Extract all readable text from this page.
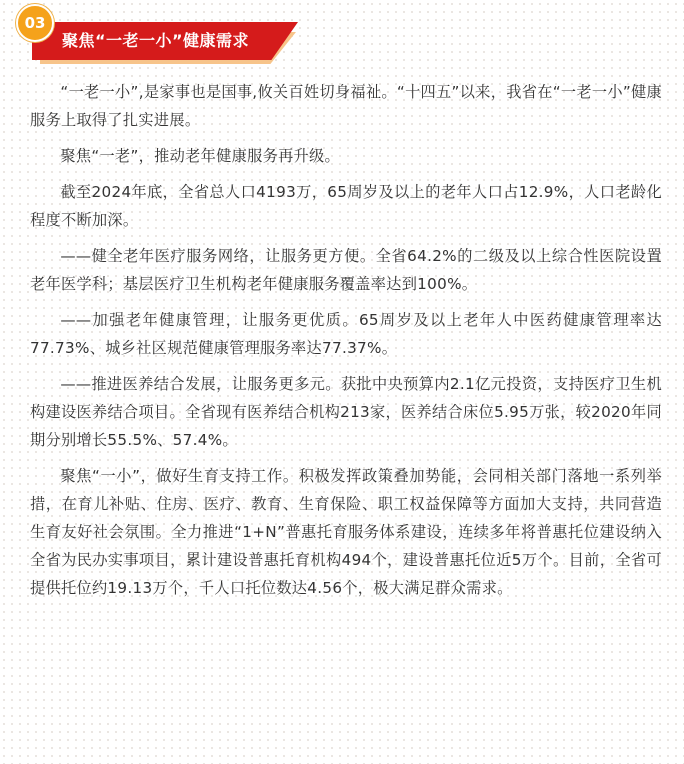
03
聚焦“一老一小”健康需求

“一老一小”,是家事也是国事,攸关百姓切身福祉。“十四五”以来，我省在“一老一小”健康服务上取得了扎实进展。

聚焦“一老”，推动老年健康服务再升级。

截至2024年底，全省总人口4193万，65周岁及以上的老年人口占12.9%，人口老龄化程度不断加深。

——健全老年医疗服务网络，让服务更方便。全省64.2%的二级及以上综合性医院设置老年医学科；基层医疗卫生机构老年健康服务覆盖率达到100%。

——加强老年健康管理，让服务更优质。65周岁及以上老年人中医药健康管理率达77.73%、城乡社区规范健康管理服务率达77.37%。

——推进医养结合发展，让服务更多元。获批中央预算内2.1亿元投资，支持医疗卫生机构建设医养结合项目。全省现有医养结合机构213家，医养结合床位5.95万张，较2020年同期分别增长55.5%、57.4%。

聚焦“一小”，做好生育支持工作。积极发挥政策叠加势能，会同相关部门落地一系列举措，在育儿补贴、住房、医疗、教育、生育保险、职工权益保障等方面加大支持，共同营造生育友好社会氛围。全力推进“1+N”普惠托育服务体系建设，连续多年将普惠托位建设纳入全省为民办实事项目，累计建设普惠托育机构494个，建设普惠托位近5万个。目前，全省可提供托位约19.13万个，千人口托位数达4.56个，极大满足群众需求。
